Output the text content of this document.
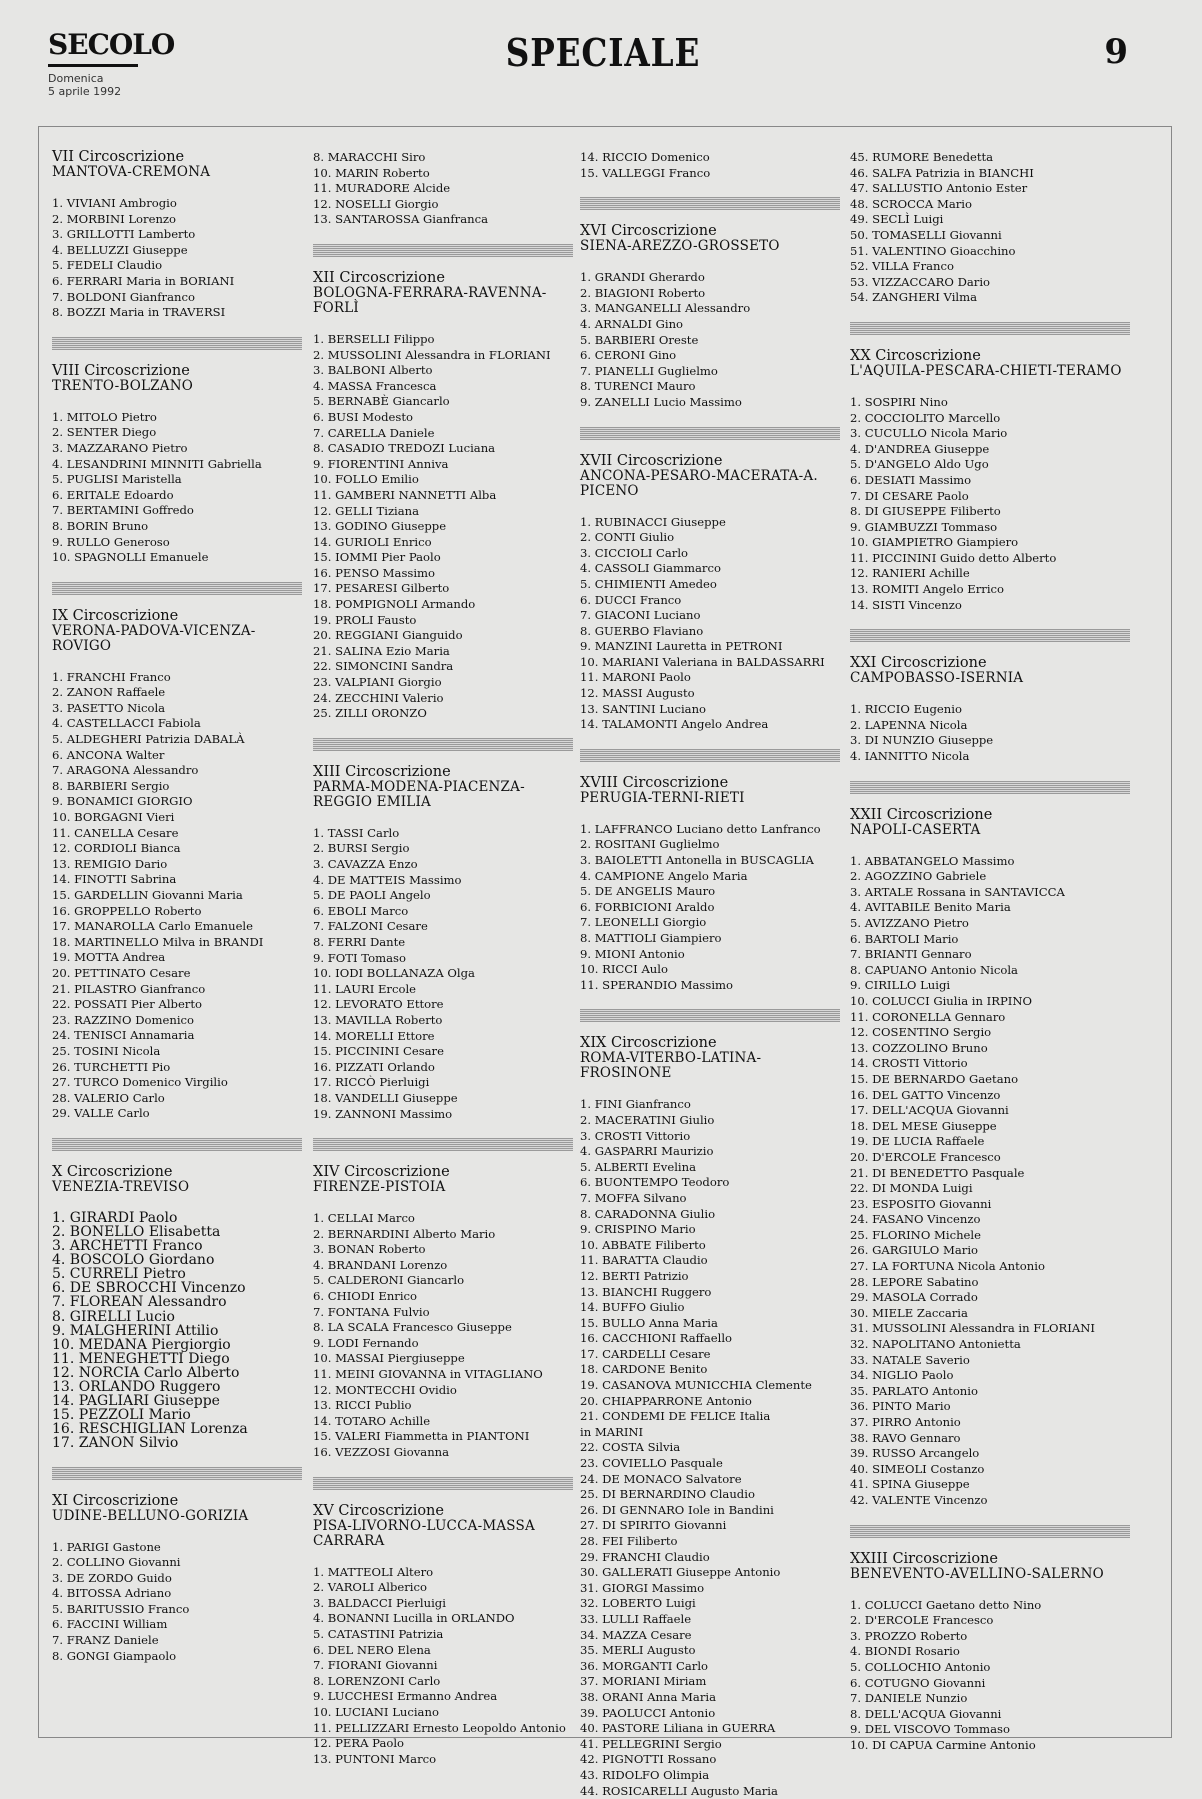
SECOLO
Domenica
5 aprile 1992
SPECIALE	9
VII Circoscrizione
MANTOVA-CREMONA
1. VIVIANI Ambrogio
2. MORBINI Lorenzo
3. GRILLOTTI Lamberto
4. BELLUZZI Giuseppe
5. FEDELI Claudio
6. FERRARI Maria in BORIANI
7. BOLDONI Gianfranco
8. BOZZI Maria in TRAVERSI
VIII Circoscrizione
TRENTO-BOLZANO
1. MITOLO Pietro
2. SENTER Diego
3. MAZZARANO Pietro
4. LESANDRINI MINNITI Gabriella
5. PUGLISI Maristella
6. ERITALE Edoardo
7. BERTAMINI Goffredo
8. BORIN Bruno
9. RULLO Generoso
10. SPAGNOLLI Emanuele
IX Circoscrizione
VERONA-PADOVA-VICENZA-ROVIGO
1. FRANCHI Franco
2. ZANON Raffaele
3. PASETTO Nicola
4. CASTELLACCI Fabiola
5. ALDEGHERI Patrizia DABALÀ
6. ANCONA Walter
7. ARAGONA Alessandro
8. BARBIERI Sergio
9. BONAMICI GIORGIO
10. BORGAGNI Vieri
11. CANELLA Cesare
12. CORDIOLI Bianca
13. REMIGIO Dario
14. FINOTTI Sabrina
15. GARDELLIN Giovanni Maria
16. GROPPELLO Roberto
17. MANAROLLA Carlo Emanuele
18. MARTINELLO Milva in BRANDI
19. MOTTA Andrea
20. PETTINATO Cesare
21. PILASTRO Gianfranco
22. POSSATI Pier Alberto
23. RAZZINO Domenico
24. TENISCI Annamaria
25. TOSINI Nicola
26. TURCHETTI Pio
27. TURCO Domenico Virgilio
28. VALERIO Carlo
29. VALLE Carlo
X Circoscrizione
VENEZIA-TREVISO
1. GIRARDI Paolo
2. BONELLO Elisabetta
3. ARCHETTI Franco
4. BOSCOLO Giordano
5. CURRELI Pietro
6. DE SBROCCHI Vincenzo
7. FLOREAN Alessandro
8. GIRELLI Lucio
9. MALGHERINI Attilio
10. MEDANA Piergiorgio
11. MENEGHETTI Diego
12. NORCIA Carlo Alberto
13. ORLANDO Ruggero
14. PAGLIARI Giuseppe
15. PEZZOLI Mario
16. RESCHIGLIAN Lorenza
17. ZANON Silvio
XI Circoscrizione
UDINE-BELLUNO-GORIZIA
1. PARIGI Gastone
2. COLLINO Giovanni
3. DE ZORDO Guido
4. BITOSSA Adriano
5. BARITUSSIO Franco
6. FACCINI William
7. FRANZ Daniele
8. GONGI Giampaolo
8. MARACCHI Siro
10. MARIN Roberto
11. MURADORE Alcide
12. NOSELLI Giorgio
13. SANTAROSSA Gianfranca
XII Circoscrizione
BOLOGNA-FERRARA-RAVENNA-FORLÌ
1. BERSELLI Filippo
2. MUSSOLINI Alessandra in FLORIANI
3. BALBONI Alberto
4. MASSA Francesca
5. BERNABÈ Giancarlo
6. BUSI Modesto
7. CARELLA Daniele
8. CASADIO TREDOZI Luciana
9. FIORENTINI Anniva
10. FOLLO Emilio
11. GAMBERI NANNETTI Alba
12. GELLI Tiziana
13. GODINO Giuseppe
14. GURIOLI Enrico
15. IOMMI Pier Paolo
16. PENSO Massimo
17. PESARESI Gilberto
18. POMPIGNOLI Armando
19. PROLI Fausto
20. REGGIANI Gianguido
21. SALINA Ezio Maria
22. SIMONCINI Sandra
23. VALPIANI Giorgio
24. ZECCHINI Valerio
25. ZILLI ORONZO
XIII Circoscrizione
PARMA-MODENA-PIACENZA-REGGIO EMILIA
1. TASSI Carlo
2. BURSI Sergio
3. CAVAZZA Enzo
4. DE MATTEIS Massimo
5. DE PAOLI Angelo
6. EBOLI Marco
7. FALZONI Cesare
8. FERRI Dante
9. FOTI Tomaso
10. IODI BOLLANAZA Olga
11. LAURI Ercole
12. LEVORATO Ettore
13. MAVILLA Roberto
14. MORELLI Ettore
15. PICCININI Cesare
16. PIZZATI Orlando
17. RICCÒ Pierluigi
18. VANDELLI Giuseppe
19. ZANNONI Massimo
XIV Circoscrizione
FIRENZE-PISTOIA
1. CELLAI Marco
2. BERNARDINI Alberto Mario
3. BONAN Roberto
4. BRANDANI Lorenzo
5. CALDERONI Giancarlo
6. CHIODI Enrico
7. FONTANA Fulvio
8. LA SCALA Francesco Giuseppe
9. LODI Fernando
10. MASSAI Piergiuseppe
11. MEINI GIOVANNA in VITAGLIANO
12. MONTECCHI Ovidio
13. RICCI Publio
14. TOTARO Achille
15. VALERI Fiammetta in PIANTONI
16. VEZZOSI Giovanna
XV Circoscrizione
PISA-LIVORNO-LUCCA-MASSA CARRARA
1. MATTEOLI Altero
2. VAROLI Alberico
3. BALDACCI Pierluigi
4. BONANNI Lucilla in ORLANDO
5. CATASTINI Patrizia
6. DEL NERO Elena
7. FIORANI Giovanni
8. LORENZONI Carlo
9. LUCCHESI Ermanno Andrea
10. LUCIANI Luciano
11. PELLIZZARI Ernesto Leopoldo Antonio
12. PERA Paolo
13. PUNTONI Marco
14. RICCIO Domenico
15. VALLEGGI Franco
XVI Circoscrizione
SIENA-AREZZO-GROSSETO
1. GRANDI Gherardo
2. BIAGIONI Roberto
3. MANGANELLI Alessandro
4. ARNALDI Gino
5. BARBIERI Oreste
6. CERONI Gino
7. PIANELLI Guglielmo
8. TURENCI Mauro
9. ZANELLI Lucio Massimo
XVII Circoscrizione
ANCONA-PESARO-MACERATA-A. PICENO
1. RUBINACCI Giuseppe
2. CONTI Giulio
3. CICCIOLI Carlo
4. CASSOLI Giammarco
5. CHIMIENTI Amedeo
6. DUCCI Franco
7. GIACONI Luciano
8. GUERBO Flaviano
9. MANZINI Lauretta in PETRONI
10. MARIANI Valeriana in BALDASSARRI
11. MARONI Paolo
12. MASSI Augusto
13. SANTINI Luciano
14. TALAMONTI Angelo Andrea
XVIII Circoscrizione
PERUGIA-TERNI-RIETI
1. LAFFRANCO Luciano detto Lanfranco
2. ROSITANI Guglielmo
3. BAIOLETTI Antonella in BUSCAGLIA
4. CAMPIONE Angelo Maria
5. DE ANGELIS Mauro
6. FORBICIONI Araldo
7. LEONELLI Giorgio
8. MATTIOLI Giampiero
9. MIONI Antonio
10. RICCI Aulo
11. SPERANDIO Massimo
XIX Circoscrizione
ROMA-VITERBO-LATINA-FROSINONE
1. FINI Gianfranco
2. MACERATINI Giulio
3. CROSTI Vittorio
4. GASPARRI Maurizio
5. ALBERTI Evelina
6. BUONTEMPO Teodoro
7. MOFFA Silvano
8. CARADONNA Giulio
9. CRISPINO Mario
10. ABBATE Filiberto
11. BARATTA Claudio
12. BERTI Patrizio
13. BIANCHI Ruggero
14. BUFFO Giulio
15. BULLO Anna Maria
16. CACCHIONI Raffaello
17. CARDELLI Cesare
18. CARDONE Benito
19. CASANOVA MUNICCHIA Clemente
20. CHIAPPARRONE Antonio
21. CONDEMI DE FELICE Italia
in MARINI
22. COSTA Silvia
23. COVIELLO Pasquale
24. DE MONACO Salvatore
25. DI BERNARDINO Claudio
26. DI GENNARO Iole in Bandini
27. DI SPIRITO Giovanni
28. FEI Filiberto
29. FRANCHI Claudio
30. GALLERATI Giuseppe Antonio
31. GIORGI Massimo
32. LOBERTO Luigi
33. LULLI Raffaele
34. MAZZA Cesare
35. MERLI Augusto
36. MORGANTI Carlo
37. MORIANI Miriam
38. ORANI Anna Maria
39. PAOLUCCI Antonio
40. PASTORE Liliana in GUERRA
41. PELLEGRINI Sergio
42. PIGNOTTI Rossano
43. RIDOLFO Olimpia
44. ROSICARELLI Augusto Maria
45. RUMORE Benedetta
46. SALFA Patrizia in BIANCHI
47. SALLUSTIO Antonio Ester
48. SCROCCA Mario
49. SECLÌ Luigi
50. TOMASELLI Giovanni
51. VALENTINO Gioacchino
52. VILLA Franco
53. VIZZACCARO Dario
54. ZANGHERI Vilma
XX Circoscrizione
L'AQUILA-PESCARA-CHIETI-TERAMO
1. SOSPIRI Nino
2. COCCIOLITO Marcello
3. CUCULLO Nicola Mario
4. D'ANDREA Giuseppe
5. D'ANGELO Aldo Ugo
6. DESIATI Massimo
7. DI CESARE Paolo
8. DI GIUSEPPE Filiberto
9. GIAMBUZZI Tommaso
10. GIAMPIETRO Giampiero
11. PICCININI Guido detto Alberto
12. RANIERI Achille
13. ROMITI Angelo Errico
14. SISTI Vincenzo
XXI Circoscrizione
CAMPOBASSO-ISERNIA
1. RICCIO Eugenio
2. LAPENNA Nicola
3. DI NUNZIO Giuseppe
4. IANNITTO Nicola
XXII Circoscrizione
NAPOLI-CASERTA
1. ABBATANGELO Massimo
2. AGOZZINO Gabriele
3. ARTALE Rossana in SANTAVICCA
4. AVITABILE Benito Maria
5. AVIZZANO Pietro
6. BARTOLI Mario
7. BRIANTI Gennaro
8. CAPUANO Antonio Nicola
9. CIRILLO Luigi
10. COLUCCI Giulia in IRPINO
11. CORONELLA Gennaro
12. COSENTINO Sergio
13. COZZOLINO Bruno
14. CROSTI Vittorio
15. DE BERNARDO Gaetano
16. DEL GATTO Vincenzo
17. DELL'ACQUA Giovanni
18. DEL MESE Giuseppe
19. DE LUCIA Raffaele
20. D'ERCOLE Francesco
21. DI BENEDETTO Pasquale
22. DI MONDA Luigi
23. ESPOSITO Giovanni
24. FASANO Vincenzo
25. FLORINO Michele
26. GARGIULO Mario
27. LA FORTUNA Nicola Antonio
28. LEPORE Sabatino
29. MASOLA Corrado
30. MIELE Zaccaria
31. MUSSOLINI Alessandra in FLORIANI
32. NAPOLITANO Antonietta
33. NATALE Saverio
34. NIGLIO Paolo
35. PARLATO Antonio
36. PINTO Mario
37. PIRRO Antonio
38. RAVO Gennaro
39. RUSSO Arcangelo
40. SIMEOLI Costanzo
41. SPINA Giuseppe
42. VALENTE Vincenzo
XXIII Circoscrizione
BENEVENTO-AVELLINO-SALERNO
1. COLUCCI Gaetano detto Nino
2. D'ERCOLE Francesco
3. PROZZO Roberto
4. BIONDI Rosario
5. COLLOCHIO Antonio
6. COTUGNO Giovanni
7. DANIELE Nunzio
8. DELL'ACQUA Giovanni
9. DEL VISCOVO Tommaso
10. DI CAPUA Carmine Antonio
